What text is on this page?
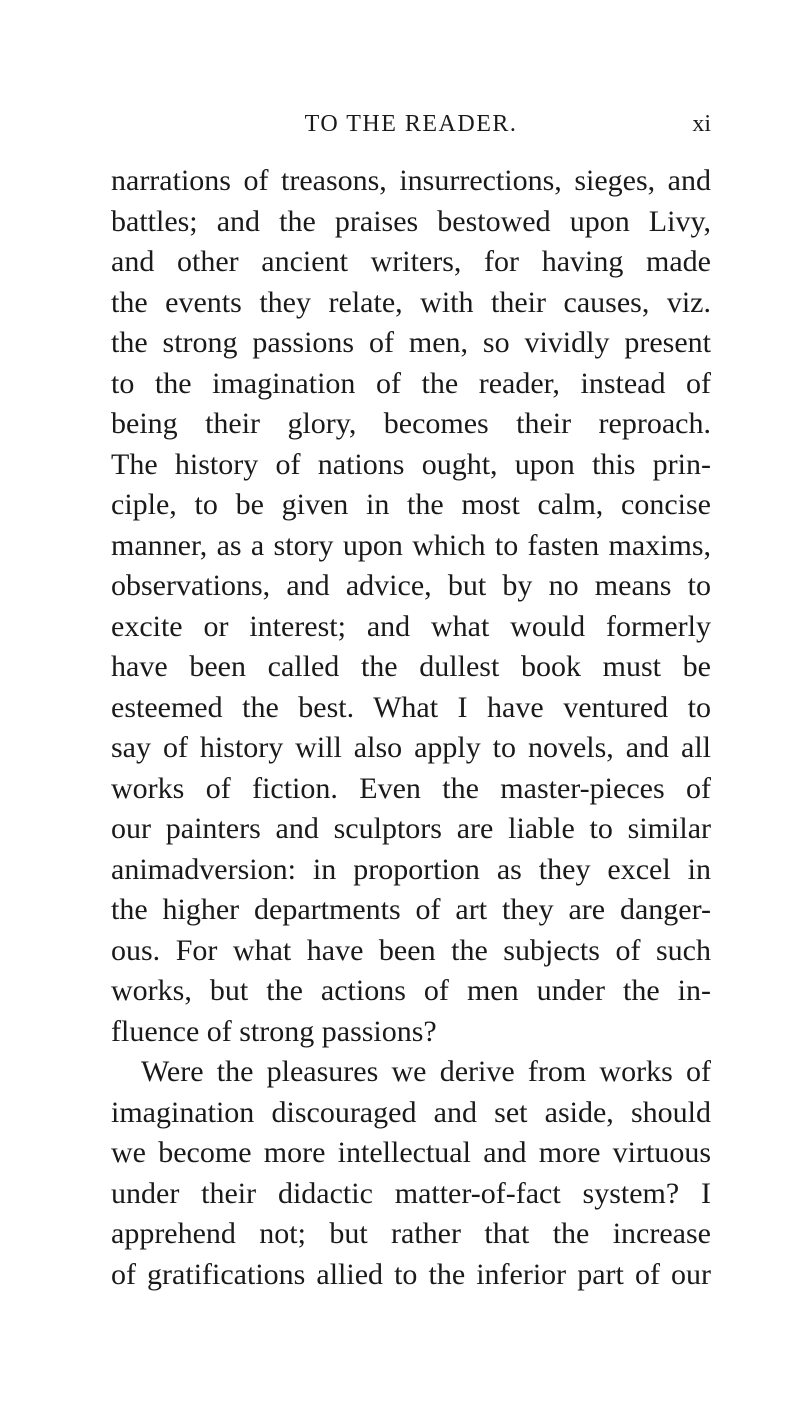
TO THE READER.	xi
narrations of treasons, insurrections, sieges, and
battles; and the praises bestowed upon Livy,
and other ancient writers, for having made
the events they relate, with their causes, viz.
the strong passions of men, so vividly present
to the imagination of the reader, instead of
being their glory, becomes their reproach.
The history of nations ought, upon this prin-
ciple, to be given in the most calm, concise
manner, as a story upon which to fasten maxims,
observations, and advice, but by no means to
excite or interest; and what would formerly
have been called the dullest book must be
esteemed the best. What I have ventured to
say of history will also apply to novels, and all
works of fiction. Even the master-pieces of
our painters and sculptors are liable to similar
animadversion: in proportion as they excel in
the higher departments of art they are danger-
ous. For what have been the subjects of such
works, but the actions of men under the in-
fluence of strong passions?
Were the pleasures we derive from works of
imagination discouraged and set aside, should
we become more intellectual and more virtuous
under their didactic matter-of-fact system? I
apprehend not; but rather that the increase
of gratifications allied to the inferior part of our
